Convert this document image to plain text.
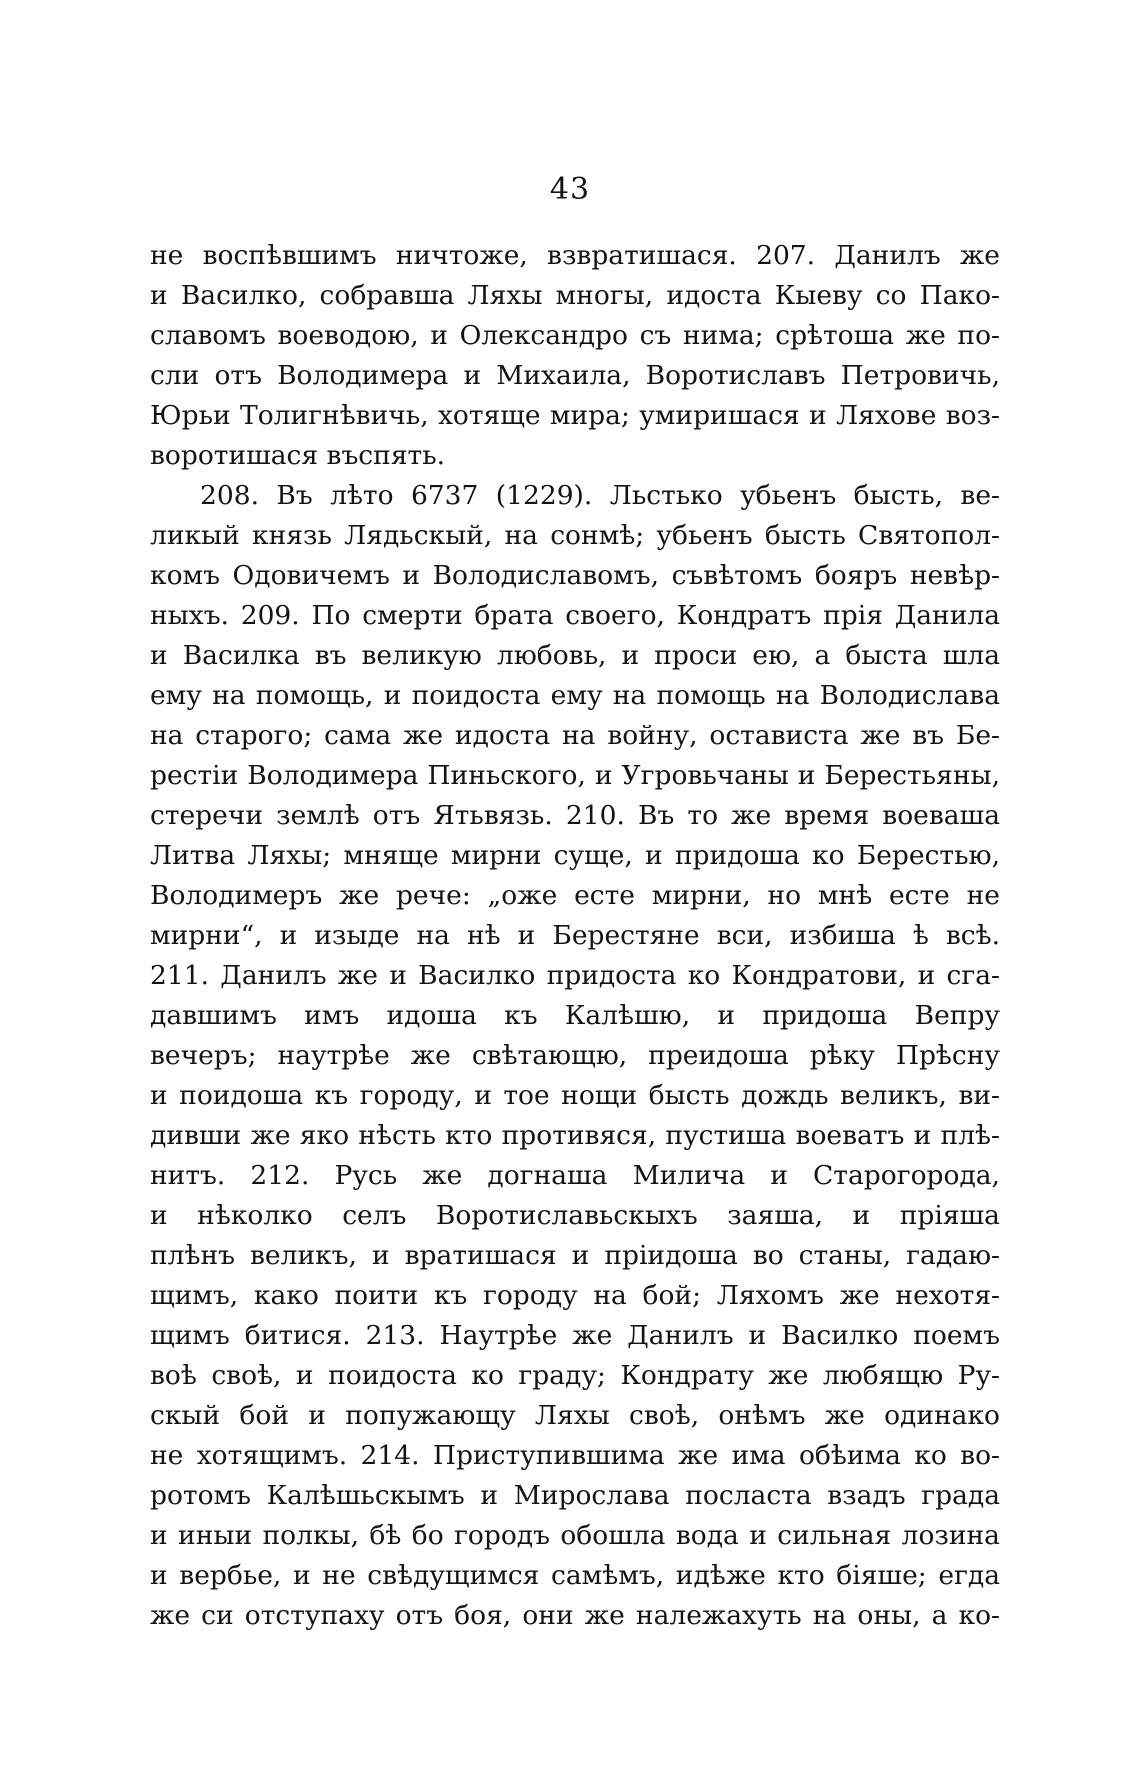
43
не воспѣвшимъ ничтоже, взвратишася. 207. Данилъ же
и Василко, собравша Ляхы многы, идоста Кыеву со Пако-
славомъ воеводою, и Олександро съ нима; срѣтоша же по-
сли отъ Володимера и Михаила, Воротиславъ Петровичь,
Юрьи Толигнѣвичь, хотяще мира; умиришася и Ляхове воз-
воротишася въспять.
208. Въ лѣто 6737 (1229). Льстько убьенъ бысть, ве-
ликый князь Лядьскый, на сонмѣ; убьенъ бысть Святопол-
комъ Одовичемъ и Володиславомъ, съвѣтомъ бояръ невѣр-
ныхъ. 209. По смерти брата своего, Кондратъ прія Данила
и Василка въ великую любовь, и проси ею, а быста шла
ему на помощь, и поидоста ему на помощь на Володислава
на старого; сама же идоста на войну, остависта же въ Бе-
рестіи Володимера Пиньского, и Угровьчаны и Берестьяны,
стеречи землѣ отъ Ятьвязь. 210. Въ то же время воеваша
Литва Ляхы; мняще мирни суще, и придоша ко Берестью,
Володимеръ же рече: „оже есте мирни, но мнѣ есте не
мирни“, и изыде на нѣ и Берестяне вси, избиша ѣ всѣ.
211. Данилъ же и Василко придоста ко Кондратови, и сга-
давшимъ имъ идоша къ Калѣшю, и придоша Вепру
вечеръ; наутрѣе же свѣтающю, преидоша рѣку Прѣсну
и поидоша къ городу, и тое нощи бысть дождь великъ, ви-
дивши же яко нѣсть кто противяся, пустиша воеватъ и плѣ-
нитъ. 212. Русь же догнаша Милича и Старогорода,
и нѣколко селъ Воротиславьскыхъ заяша, и пріяша
плѣнъ великъ, и вратишася и пріидоша во станы, гадаю-
щимъ, како поити къ городу на бой; Ляхомъ же нехотя-
щимъ битися. 213. Наутрѣе же Данилъ и Василко поемъ
воѣ своѣ, и поидоста ко граду; Кондрату же любящю Ру-
скый бой и попужающу Ляхы своѣ, онѣмъ же одинако
не хотящимъ. 214. Приступившима же има обѣима ко во-
ротомъ Калѣшьскымъ и Мирослава посласта взадъ града
и иныи полкы, бѣ бо городъ обошла вода и сильная лозина
и вербье, и не свѣдущимся самѣмъ, идѣже кто біяше; егда
же си отступаху отъ боя, они же належахуть на оны, а ко-
